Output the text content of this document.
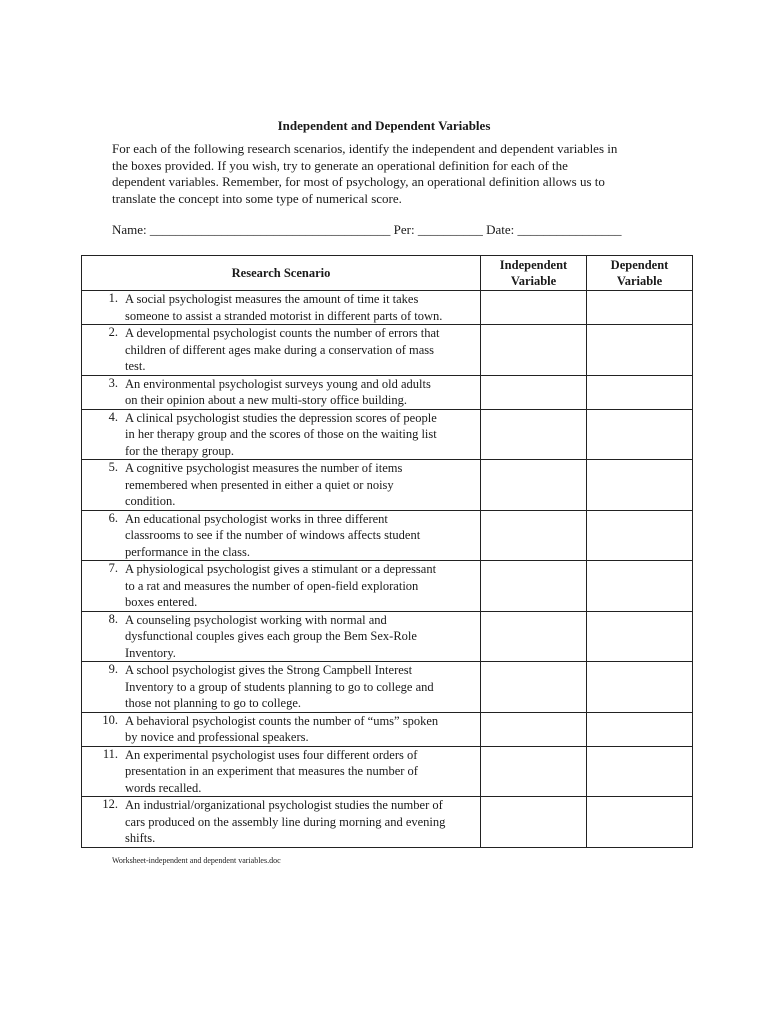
Independent and Dependent Variables
For each of the following research scenarios, identify the independent and dependent variables in
the boxes provided. If you wish, try to generate an operational definition for each of the
dependent variables. Remember, for most of psychology, an operational definition allows us to
translate the concept into some type of numerical score.
Name: _____________________________________ Per: __________ Date: ________________
Research Scenario	Independent Variable	Dependent Variable

1. A social psychologist measures the amount of time it takes
someone to assist a stranded motorist in different parts of town.		

2. A developmental psychologist counts the number of errors that
children of different ages make during a conservation of mass
test.		

3. An environmental psychologist surveys young and old adults
on their opinion about a new multi-story office building.		

4. A clinical psychologist studies the depression scores of people
in her therapy group and the scores of those on the waiting list
for the therapy group.		

5. A cognitive psychologist measures the number of items
remembered when presented in either a quiet or noisy
condition.		

6. An educational psychologist works in three different
classrooms to see if the number of windows affects student
performance in the class.		

7. A physiological psychologist gives a stimulant or a depressant
to a rat and measures the number of open-field exploration
boxes entered.		

8. A counseling psychologist working with normal and
dysfunctional couples gives each group the Bem Sex-Role
Inventory.		

9. A school psychologist gives the Strong Campbell Interest
Inventory to a group of students planning to go to college and
those not planning to go to college.		

10. A behavioral psychologist counts the number of “ums” spoken
by novice and professional speakers.		

11. An experimental psychologist uses four different orders of
presentation in an experiment that measures the number of
words recalled.		

12. An industrial/organizational psychologist studies the number of
cars produced on the assembly line during morning and evening
shifts.		

Worksheet-independent and dependent variables.doc
